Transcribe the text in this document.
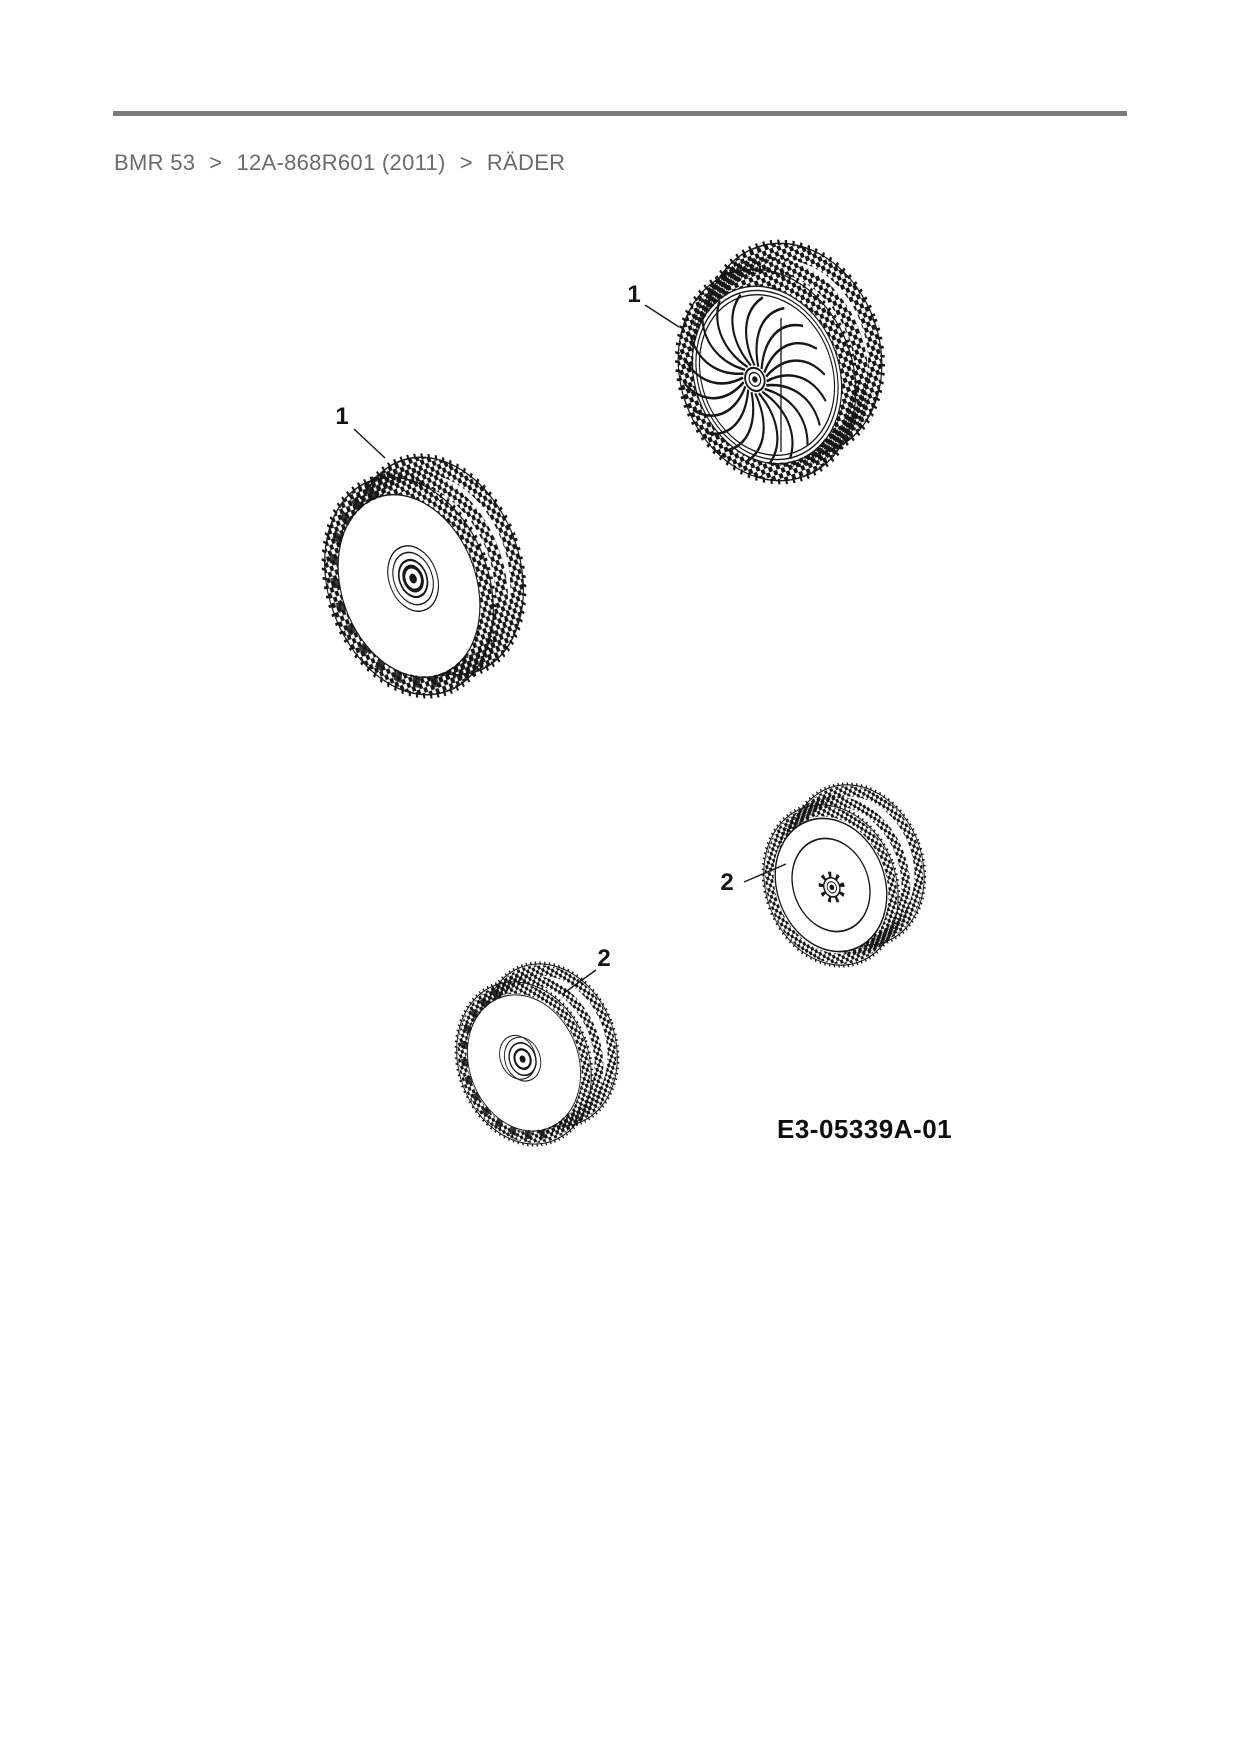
BMR 53 > 12A-868R601 (2011) > RÄDER
1
1
2
2
E3-05339A-01
